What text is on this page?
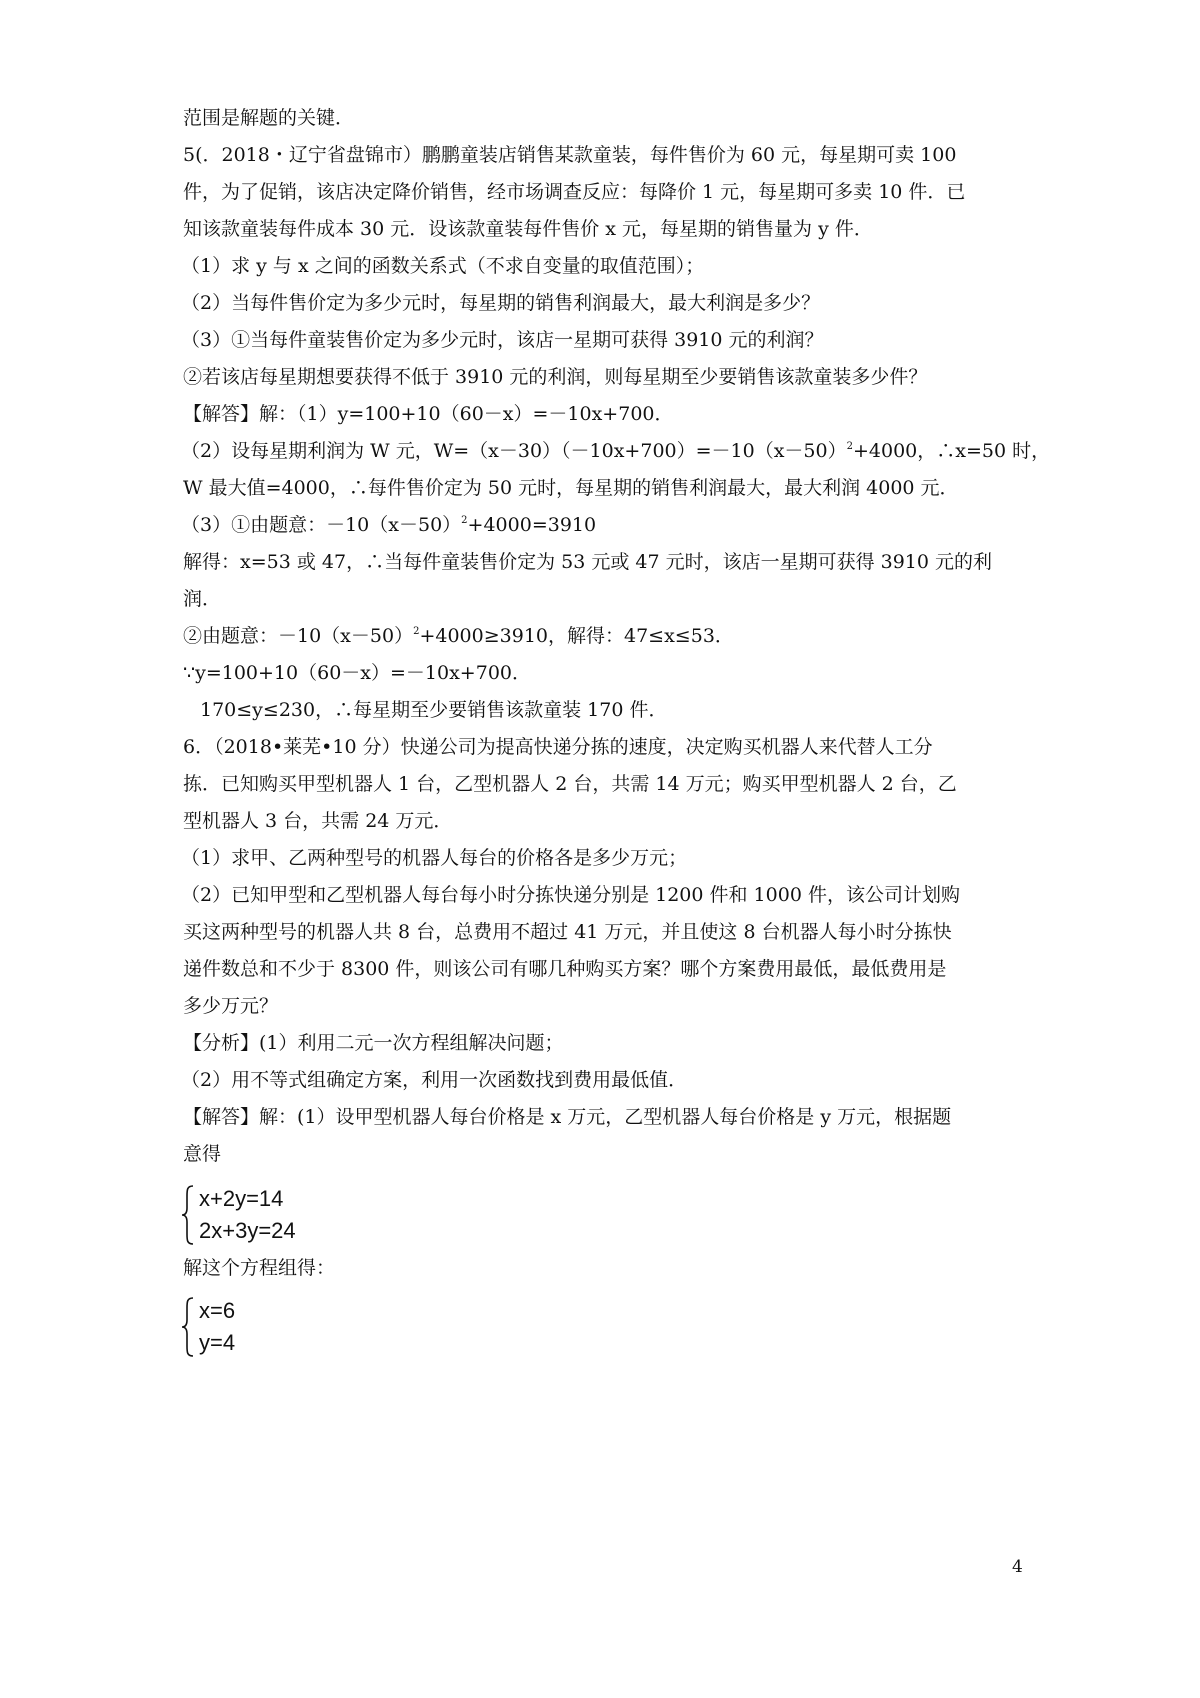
范围是解题的关键．
5(．2018・辽宁省盘锦市）鹏鹏童装店销售某款童装，每件售价为 60 元，每星期可卖 100
件，为了促销，该店决定降价销售，经市场调查反应：每降价 1 元，每星期可多卖 10 件．已
知该款童装每件成本 30 元．设该款童装每件售价 x 元，每星期的销售量为 y 件．
（1）求 y 与 x 之间的函数关系式（不求自变量的取值范围）；
（2）当每件售价定为多少元时，每星期的销售利润最大，最大利润是多少？
（3）①当每件童装售价定为多少元时，该店一星期可获得 3910 元的利润？
②若该店每星期想要获得不低于 3910 元的利润，则每星期至少要销售该款童装多少件？
【解答】解：（1）y=100+10（60－x）=－10x+700．
（2）设每星期利润为 W 元，$W=(x-30)(-10x+700)=-10(x-50)^2+4000$，∴x=50 时，
W 最大值=4000，∴每件售价定为 50 元时，每星期的销售利润最大，最大利润 4000 元．
（3）①由题意：$-10(x-50)^2+4000=3910$
解得：x=53 或 47，∴当每件童装售价定为 53 元或 47 元时，该店一星期可获得 3910 元的利
润．
②由题意：$-10(x-50)^2+4000\ge 3910$，解得：47≤x≤53．
∵y=100+10（60－x）=－10x+700．
170≤y≤230，∴每星期至少要销售该款童装 170 件．
6．（2018•莱芜•10 分）快递公司为提高快递分拣的速度，决定购买机器人来代替人工分
拣．已知购买甲型机器人 1 台，乙型机器人 2 台，共需 14 万元；购买甲型机器人 2 台，乙
型机器人 3 台，共需 24 万元．
（1）求甲、乙两种型号的机器人每台的价格各是多少万元；
（2）已知甲型和乙型机器人每台每小时分拣快递分别是 1200 件和 1000 件，该公司计划购
买这两种型号的机器人共 8 台，总费用不超过 41 万元，并且使这 8 台机器人每小时分拣快
递件数总和不少于 8300 件，则该公司有哪几种购买方案？哪个方案费用最低，最低费用是
多少万元？
【分析】(1）利用二元一次方程组解决问题；
（2）用不等式组确定方案，利用一次函数找到费用最低值．
【解答】解：(1）设甲型机器人每台价格是 x 万元，乙型机器人每台价格是 y 万元，根据题
意得
x+2y=14
2x+3y=24
解这个方程组得：
x=6
y=4
4
